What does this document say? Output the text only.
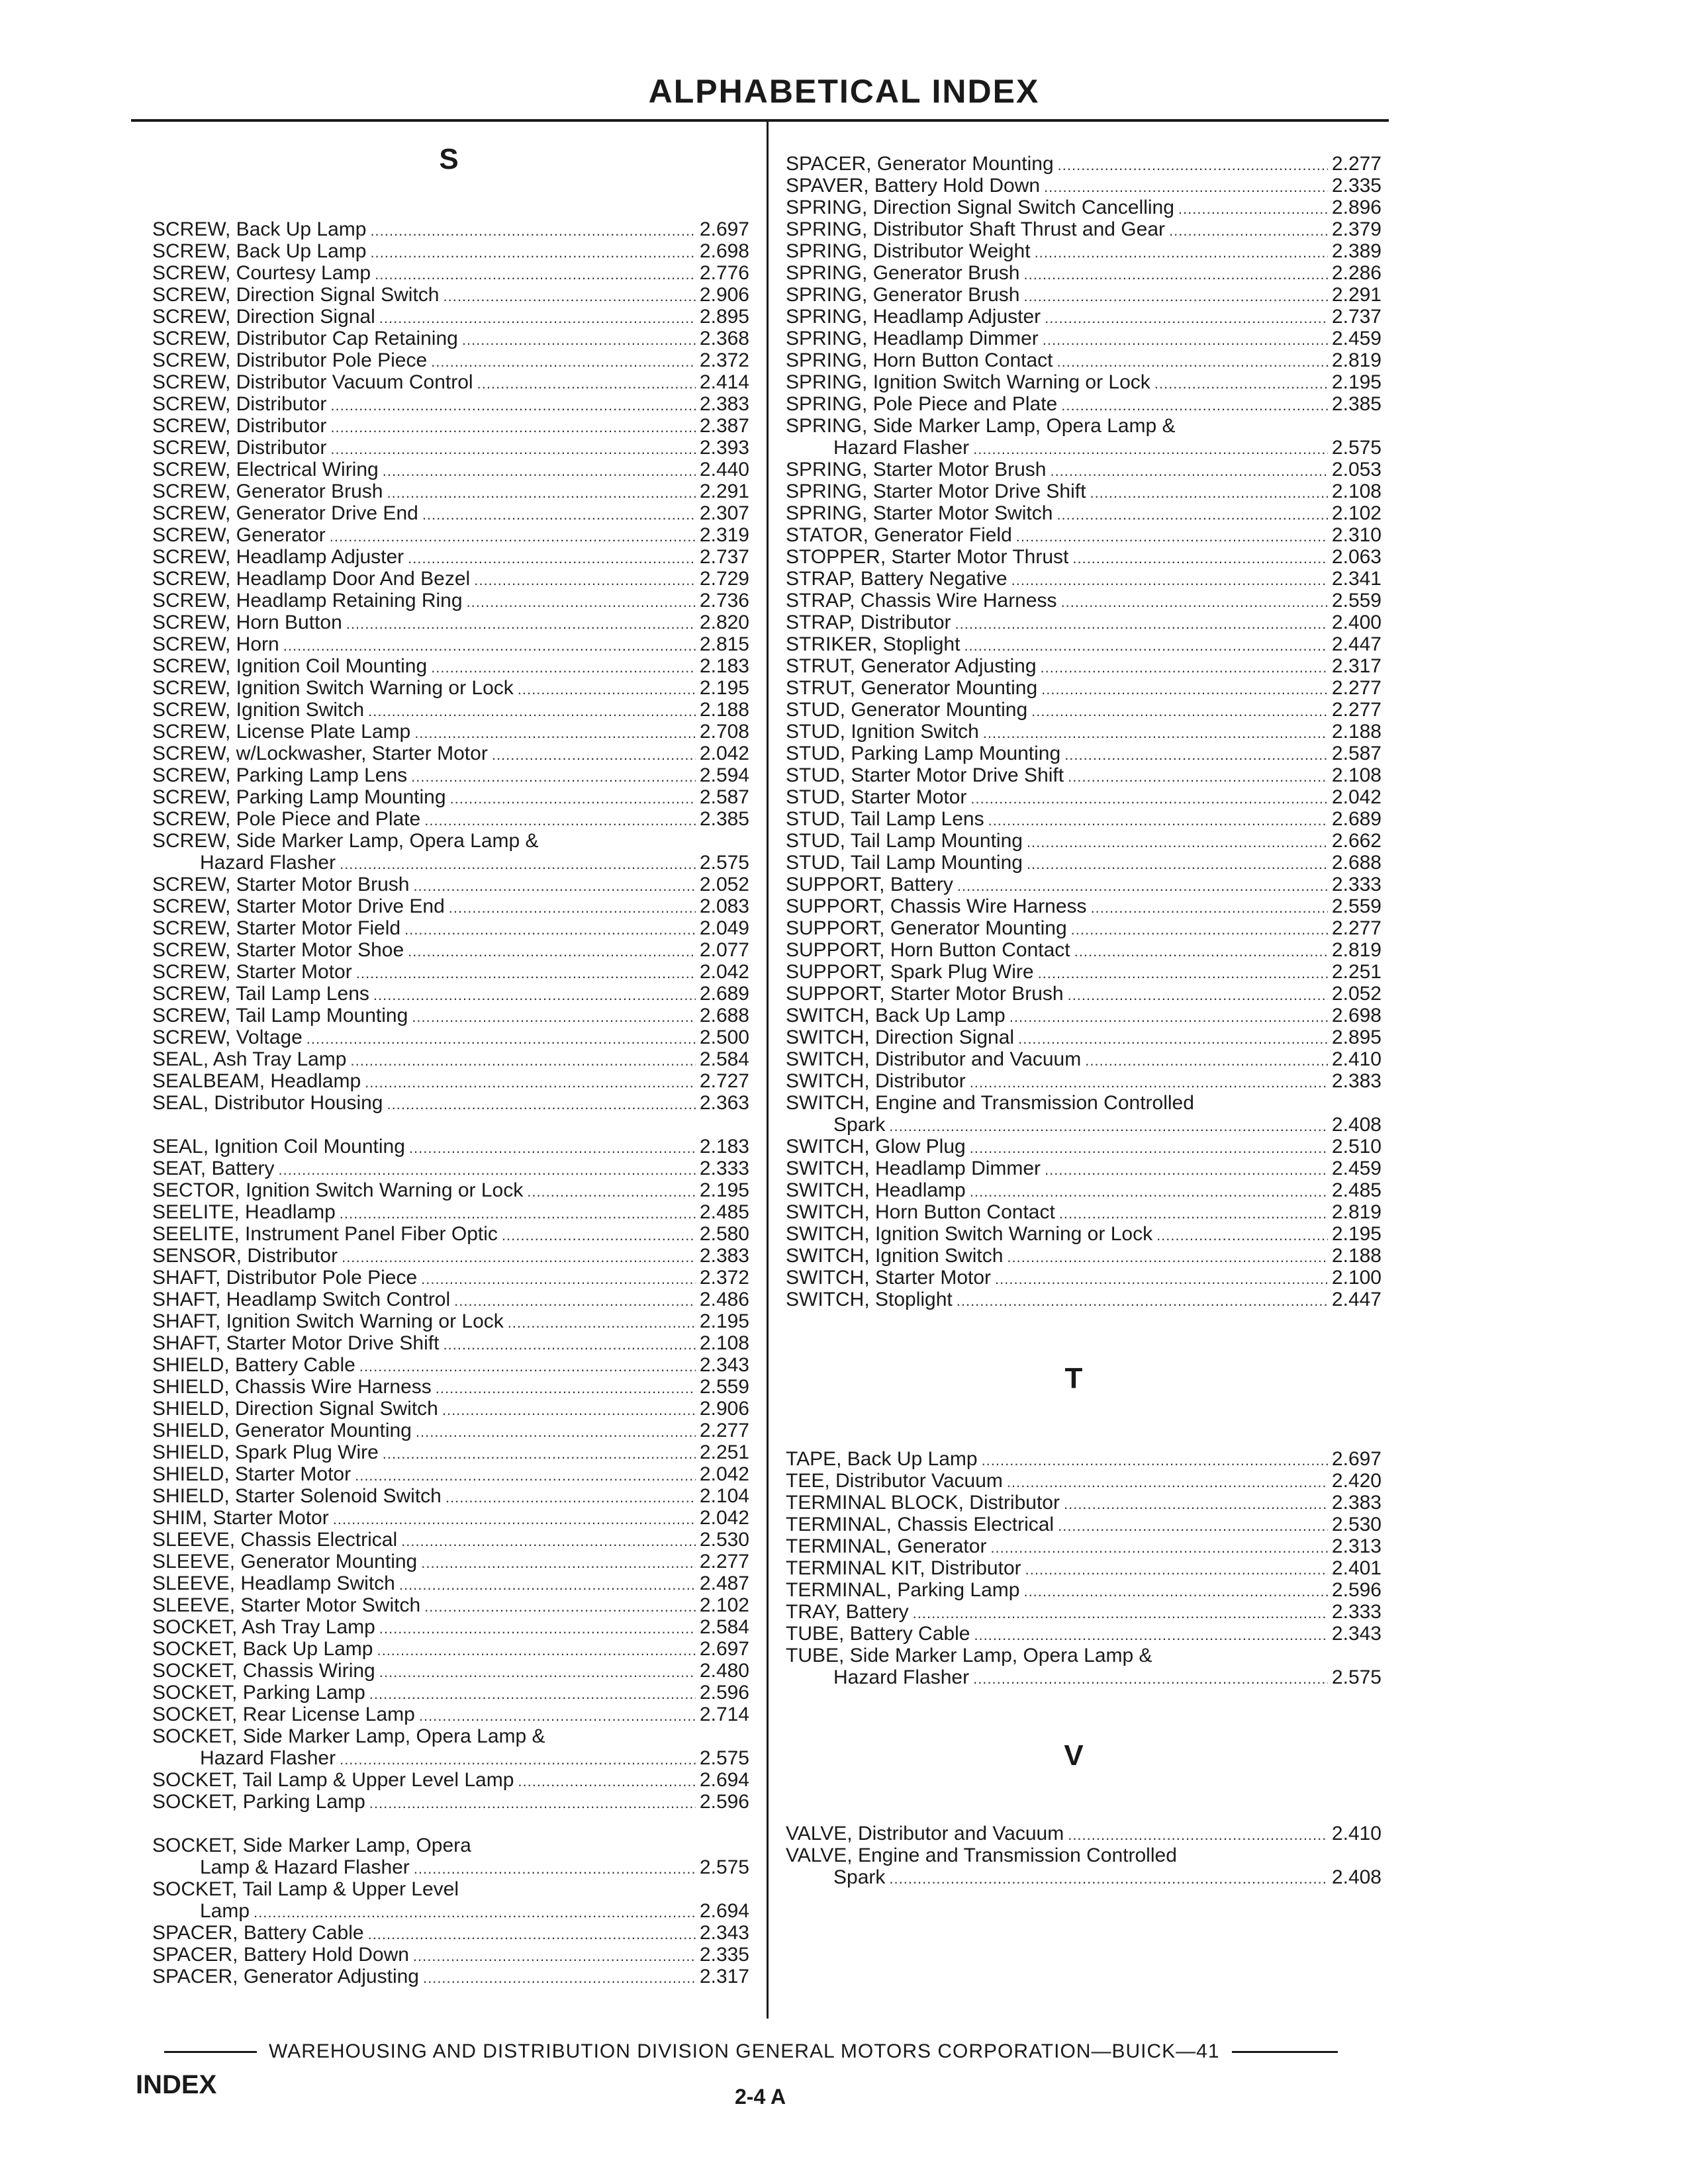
ALPHABETICAL INDEX
S
T
V
SCREW, Back Up Lamp .....	2.697
SCREW, Back Up Lamp .....	2.698
SCREW, Courtesy Lamp .....	2.776
SCREW, Direction Signal Switch .....	2.906
SCREW, Direction Signal .....	2.895
SCREW, Distributor Cap Retaining .....	2.368
SCREW, Distributor Pole Piece .....	2.372
SCREW, Distributor Vacuum Control .....	2.414
SCREW, Distributor .....	2.383
SCREW, Distributor .....	2.387
SCREW, Distributor .....	2.393
SCREW, Electrical Wiring .....	2.440
SCREW, Generator Brush .....	2.291
SCREW, Generator Drive End .....	2.307
SCREW, Generator .....	2.319
SCREW, Headlamp Adjuster .....	2.737
SCREW, Headlamp Door And Bezel .....	2.729
SCREW, Headlamp Retaining Ring .....	2.736
SCREW, Horn Button .....	2.820
SCREW, Horn .....	2.815
SCREW, Ignition Coil Mounting .....	2.183
SCREW, Ignition Switch Warning or Lock .....	2.195
SCREW, Ignition Switch .....	2.188
SCREW, License Plate Lamp .....	2.708
SCREW, w/Lockwasher, Starter Motor .....	2.042
SCREW, Parking Lamp Lens .....	2.594
SCREW, Parking Lamp Mounting .....	2.587
SCREW, Pole Piece and Plate .....	2.385
SCREW, Side Marker Lamp, Opera Lamp &
Hazard Flasher .....	2.575
SCREW, Starter Motor Brush .....	2.052
SCREW, Starter Motor Drive End .....	2.083
SCREW, Starter Motor Field .....	2.049
SCREW, Starter Motor Shoe .....	2.077
SCREW, Starter Motor .....	2.042
SCREW, Tail Lamp Lens .....	2.689
SCREW, Tail Lamp Mounting .....	2.688
SCREW, Voltage .....	2.500
SEAL, Ash Tray Lamp .....	2.584
SEALBEAM, Headlamp .....	2.727
SEAL, Distributor Housing .....	2.363
SEAL, Ignition Coil Mounting .....	2.183
SEAT, Battery .....	2.333
SECTOR, Ignition Switch Warning or Lock .....	2.195
SEELITE, Headlamp .....	2.485
SEELITE, Instrument Panel Fiber Optic .....	2.580
SENSOR, Distributor .....	2.383
SHAFT, Distributor Pole Piece .....	2.372
SHAFT, Headlamp Switch Control .....	2.486
SHAFT, Ignition Switch Warning or Lock .....	2.195
SHAFT, Starter Motor Drive Shift .....	2.108
SHIELD, Battery Cable .....	2.343
SHIELD, Chassis Wire Harness .....	2.559
SHIELD, Direction Signal Switch .....	2.906
SHIELD, Generator Mounting .....	2.277
SHIELD, Spark Plug Wire .....	2.251
SHIELD, Starter Motor .....	2.042
SHIELD, Starter Solenoid Switch .....	2.104
SHIM, Starter Motor .....	2.042
SLEEVE, Chassis Electrical .....	2.530
SLEEVE, Generator Mounting .....	2.277
SLEEVE, Headlamp Switch .....	2.487
SLEEVE, Starter Motor Switch .....	2.102
SOCKET, Ash Tray Lamp .....	2.584
SOCKET, Back Up Lamp .....	2.697
SOCKET, Chassis Wiring .....	2.480
SOCKET, Parking Lamp .....	2.596
SOCKET, Rear License Lamp .....	2.714
SOCKET, Side Marker Lamp, Opera Lamp &
Hazard Flasher .....	2.575
SOCKET, Tail Lamp & Upper Level Lamp .....	2.694
SOCKET, Parking Lamp .....	2.596
SOCKET, Side Marker Lamp, Opera
Lamp & Hazard Flasher .....	2.575
SOCKET, Tail Lamp & Upper Level
Lamp .....	2.694
SPACER, Battery Cable .....	2.343
SPACER, Battery Hold Down .....	2.335
SPACER, Generator Adjusting .....	2.317
SPACER, Generator Mounting .....	2.277
SPAVER, Battery Hold Down .....	2.335
SPRING, Direction Signal Switch Cancelling .....	2.896
SPRING, Distributor Shaft Thrust and Gear .....	2.379
SPRING, Distributor Weight .....	2.389
SPRING, Generator Brush .....	2.286
SPRING, Generator Brush .....	2.291
SPRING, Headlamp Adjuster .....	2.737
SPRING, Headlamp Dimmer .....	2.459
SPRING, Horn Button Contact .....	2.819
SPRING, Ignition Switch Warning or Lock .....	2.195
SPRING, Pole Piece and Plate .....	2.385
SPRING, Side Marker Lamp, Opera Lamp &
Hazard Flasher .....	2.575
SPRING, Starter Motor Brush .....	2.053
SPRING, Starter Motor Drive Shift .....	2.108
SPRING, Starter Motor Switch .....	2.102
STATOR, Generator Field .....	2.310
STOPPER, Starter Motor Thrust .....	2.063
STRAP, Battery Negative .....	2.341
STRAP, Chassis Wire Harness .....	2.559
STRAP, Distributor .....	2.400
STRIKER, Stoplight .....	2.447
STRUT, Generator Adjusting .....	2.317
STRUT, Generator Mounting .....	2.277
STUD, Generator Mounting .....	2.277
STUD, Ignition Switch .....	2.188
STUD, Parking Lamp Mounting .....	2.587
STUD, Starter Motor Drive Shift .....	2.108
STUD, Starter Motor .....	2.042
STUD, Tail Lamp Lens .....	2.689
STUD, Tail Lamp Mounting .....	2.662
STUD, Tail Lamp Mounting .....	2.688
SUPPORT, Battery .....	2.333
SUPPORT, Chassis Wire Harness .....	2.559
SUPPORT, Generator Mounting .....	2.277
SUPPORT, Horn Button Contact .....	2.819
SUPPORT, Spark Plug Wire .....	2.251
SUPPORT, Starter Motor Brush .....	2.052
SWITCH, Back Up Lamp .....	2.698
SWITCH, Direction Signal .....	2.895
SWITCH, Distributor and Vacuum .....	2.410
SWITCH, Distributor .....	2.383
SWITCH, Engine and Transmission Controlled
Spark .....	2.408
SWITCH, Glow Plug .....	2.510
SWITCH, Headlamp Dimmer .....	2.459
SWITCH, Headlamp .....	2.485
SWITCH, Horn Button Contact .....	2.819
SWITCH, Ignition Switch Warning or Lock .....	2.195
SWITCH, Ignition Switch .....	2.188
SWITCH, Starter Motor .....	2.100
SWITCH, Stoplight .....	2.447
TAPE, Back Up Lamp .....	2.697
TEE, Distributor Vacuum .....	2.420
TERMINAL BLOCK, Distributor .....	2.383
TERMINAL, Chassis Electrical .....	2.530
TERMINAL, Generator .....	2.313
TERMINAL KIT, Distributor .....	2.401
TERMINAL, Parking Lamp .....	2.596
TRAY, Battery .....	2.333
TUBE, Battery Cable .....	2.343
TUBE, Side Marker Lamp, Opera Lamp &
Hazard Flasher .....	2.575
VALVE, Distributor and Vacuum .....	2.410
VALVE, Engine and Transmission Controlled
Spark .....	2.408
WAREHOUSING AND DISTRIBUTION DIVISION GENERAL MOTORS CORPORATION—BUICK—41
INDEX	2-4 A
